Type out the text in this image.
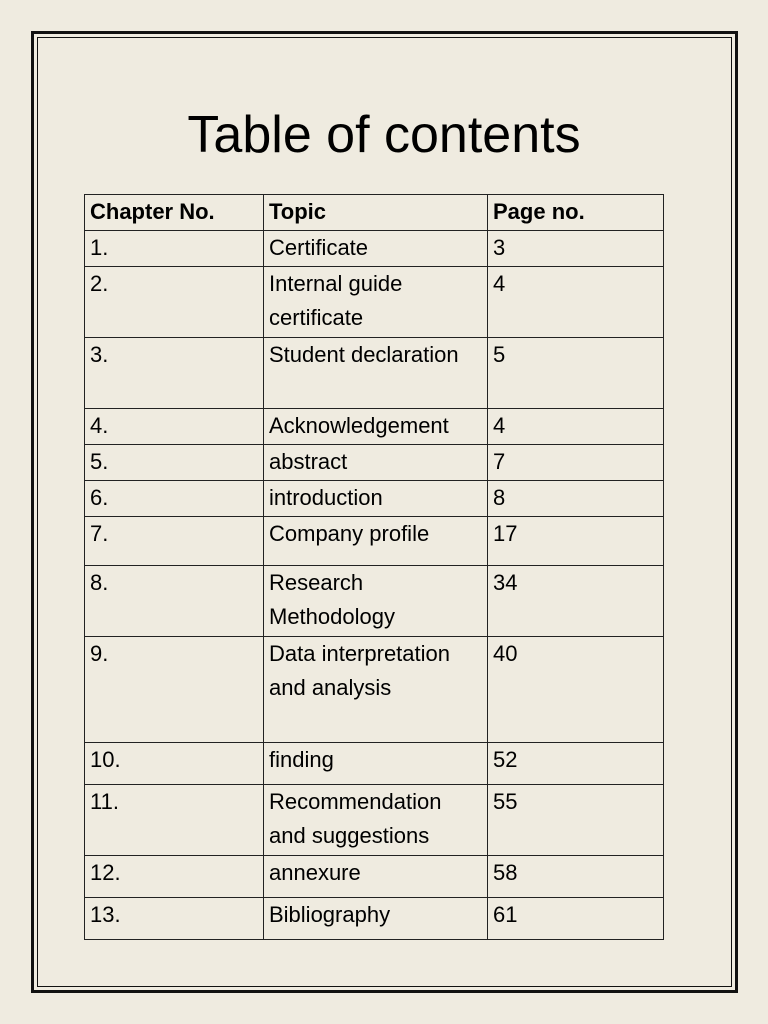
Table of contents
Chapter No.	Topic	Page no.
1.	Certificate	3
2.	Internal guide certificate	4
3.	Student declaration	5
4.	Acknowledgement	4
5.	abstract	7
6.	introduction	8
7.	Company profile	17
8.	Research Methodology	34
9.	Data interpretation and analysis	40
10.	finding	52
11.	Recommendation and suggestions	55
12.	annexure	58
13.	Bibliography	61
